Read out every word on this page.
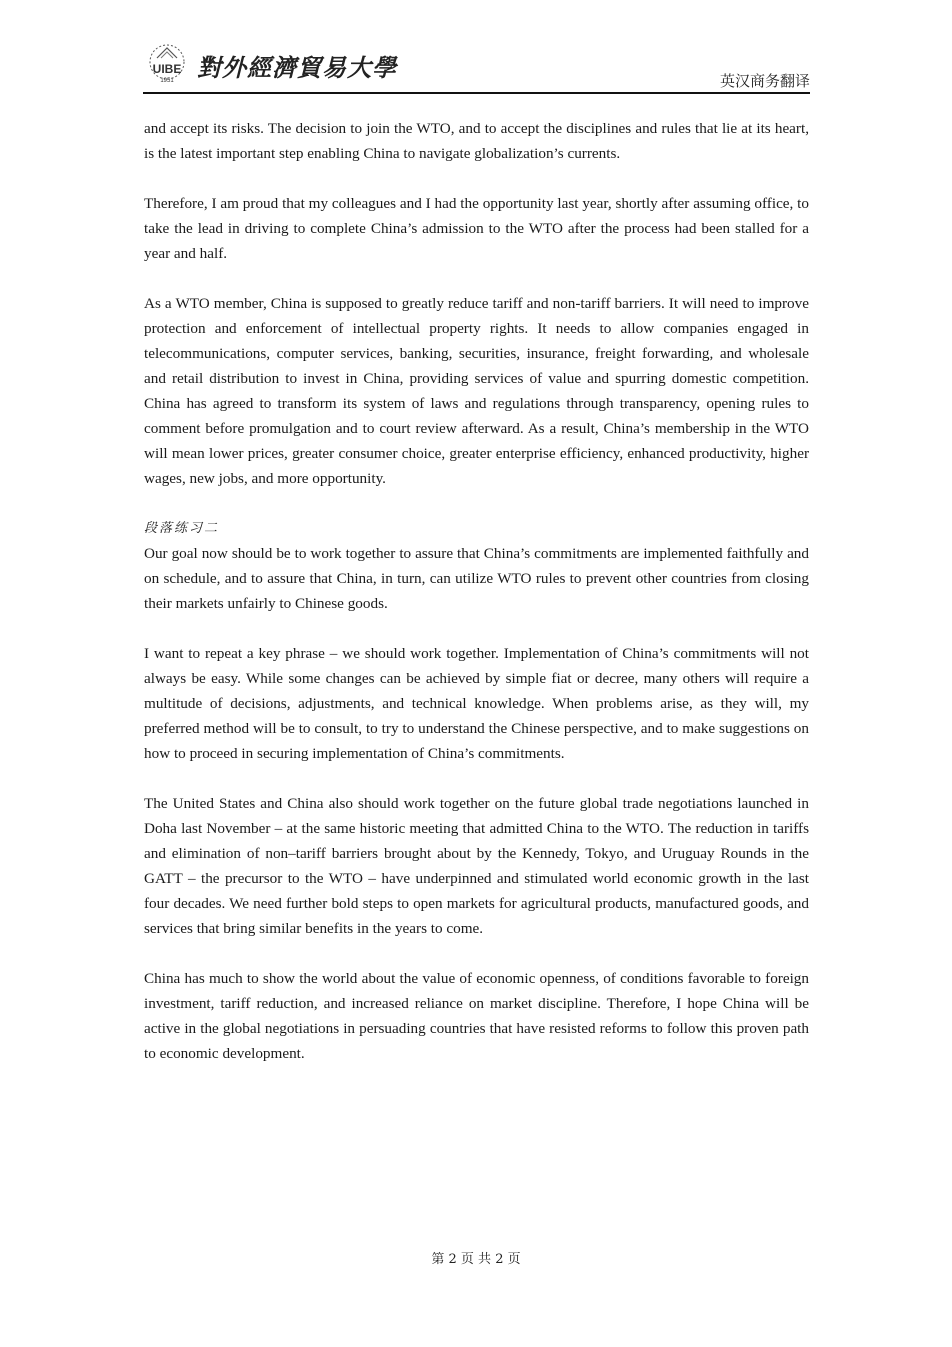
UIBE
1951 對外經濟貿易大學	英汉商务翻译

and accept its risks. The decision to join the WTO, and to accept the disciplines and rules that lie at its heart, is the latest important step enabling China to navigate globalization’s currents.

Therefore, I am proud that my colleagues and I had the opportunity last year, shortly after assuming office, to take the lead in driving to complete China’s admission to the WTO after the process had been stalled for a year and half.

As a WTO member, China is supposed to greatly reduce tariff and non-tariff barriers. It will need to improve protection and enforcement of intellectual property rights. It needs to allow companies engaged in telecommunications, computer services, banking, securities, insurance, freight forwarding, and wholesale and retail distribution to invest in China, providing services of value and spurring domestic competition. China has agreed to transform its system of laws and regulations through transparency, opening rules to comment before promulgation and to court review afterward. As a result, China’s membership in the WTO will mean lower prices, greater consumer choice, greater enterprise efficiency, enhanced productivity, higher wages, new jobs, and more opportunity.

段落练习二

Our goal now should be to work together to assure that China’s commitments are implemented faithfully and on schedule, and to assure that China, in turn, can utilize WTO rules to prevent other countries from closing their markets unfairly to Chinese goods.

I want to repeat a key phrase – we should work together. Implementation of China’s commitments will not always be easy. While some changes can be achieved by simple fiat or decree, many others will require a multitude of decisions, adjustments, and technical knowledge. When problems arise, as they will, my preferred method will be to consult, to try to understand the Chinese perspective, and to make suggestions on how to proceed in securing implementation of China’s commitments.

The United States and China also should work together on the future global trade negotiations launched in Doha last November – at the same historic meeting that admitted China to the WTO. The reduction in tariffs and elimination of non–tariff barriers brought about by the Kennedy, Tokyo, and Uruguay Rounds in the GATT – the precursor to the WTO – have underpinned and stimulated world economic growth in the last four decades. We need further bold steps to open markets for agricultural products, manufactured goods, and services that bring similar benefits in the years to come.

China has much to show the world about the value of economic openness, of conditions favorable to foreign investment, tariff reduction, and increased reliance on market discipline. Therefore, I hope China will be active in the global negotiations in persuading countries that have resisted reforms to follow this proven path to economic development.

第 2 页 共 2 页
